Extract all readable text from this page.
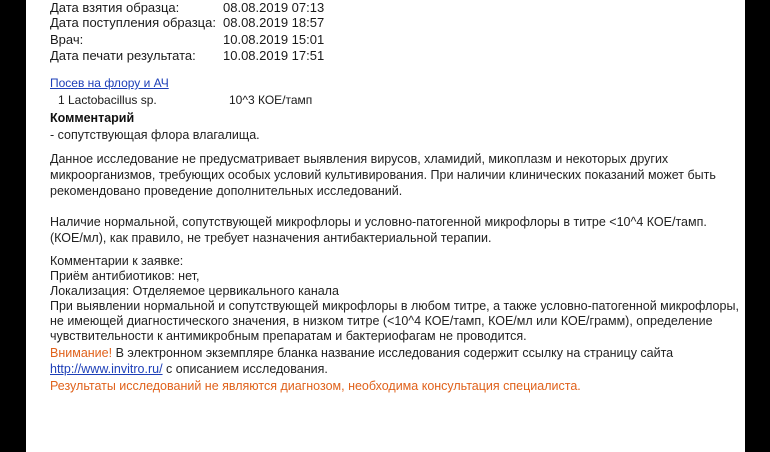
Дата взятия образца:	08.08.2019 07:13
Дата поступления образца: 08.08.2019 18:57
Врач:	10.08.2019 15:01
Дата печати результата: 10.08.2019 17:51
Посев на флору и АЧ
1 Lactobacillus sp.	10^3 КОЕ/тамп
Комментарий
- сопутствующая флора влагалища.
Данное исследование не предусматривает выявления вирусов, хламидий, микоплазм и некоторых других
микроорганизмов, требующих особых условий культивирования. При наличии клинических показаний может быть
рекомендовано проведение дополнительных исследований.
Наличие нормальной, сопутствующей микрофлоры и условно-патогенной микрофлоры в титре <10^4 КОЕ/тамп.
(КОЕ/мл), как правило, не требует назначения антибактериальной терапии.
Комментарии к заявке:
Приём антибиотиков: нет,
Локализация: Отделяемое цервикального канала
При выявлении нормальной и сопутствующей микрофлоры в любом титре, а также условно-патогенной микрофлоры,
не имеющей диагностического значения, в низком титре (<10^4 КОЕ/тамп, КОЕ/мл или КОЕ/грамм), определение
чувствительности к антимикробным препаратам и бактериофагам не проводится.
Внимание! В электронном экземпляре бланка название исследования содержит ссылку на страницу сайта
http://www.invitro.ru/ с описанием исследования.
Результаты исследований не являются диагнозом, необходима консультация специалиста.
